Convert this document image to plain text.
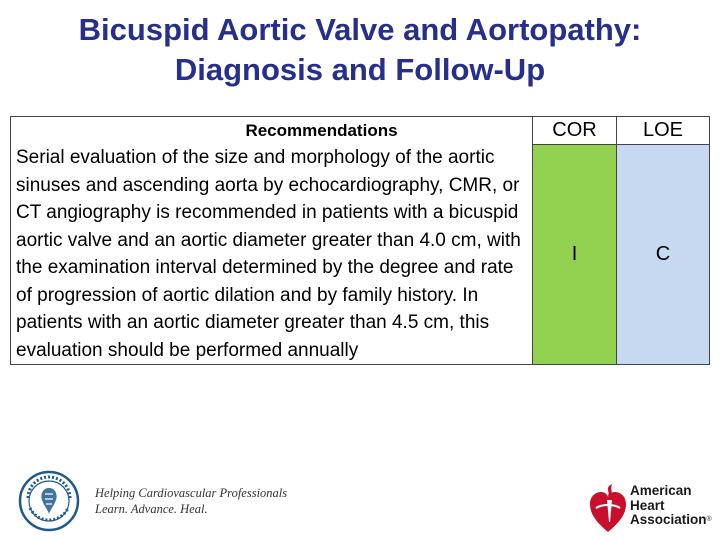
Bicuspid Aortic Valve and Aortopathy:
Diagnosis and Follow-Up
Recommendations	COR	LOE
Serial evaluation of the size and morphology of the aortic sinuses and ascending aorta by echocardiography, CMR, or CT angiography is recommended in patients with a bicuspid aortic valve and an aortic diameter greater than 4.0 cm, with the examination interval determined by the degree and rate of progression of aortic dilation and by family history. In patients with an aortic diameter greater than 4.5 cm, this evaluation should be performed annually	I	C
Helping Cardiovascular Professionals
Learn. Advance. Heal.
American
Heart
Association®
